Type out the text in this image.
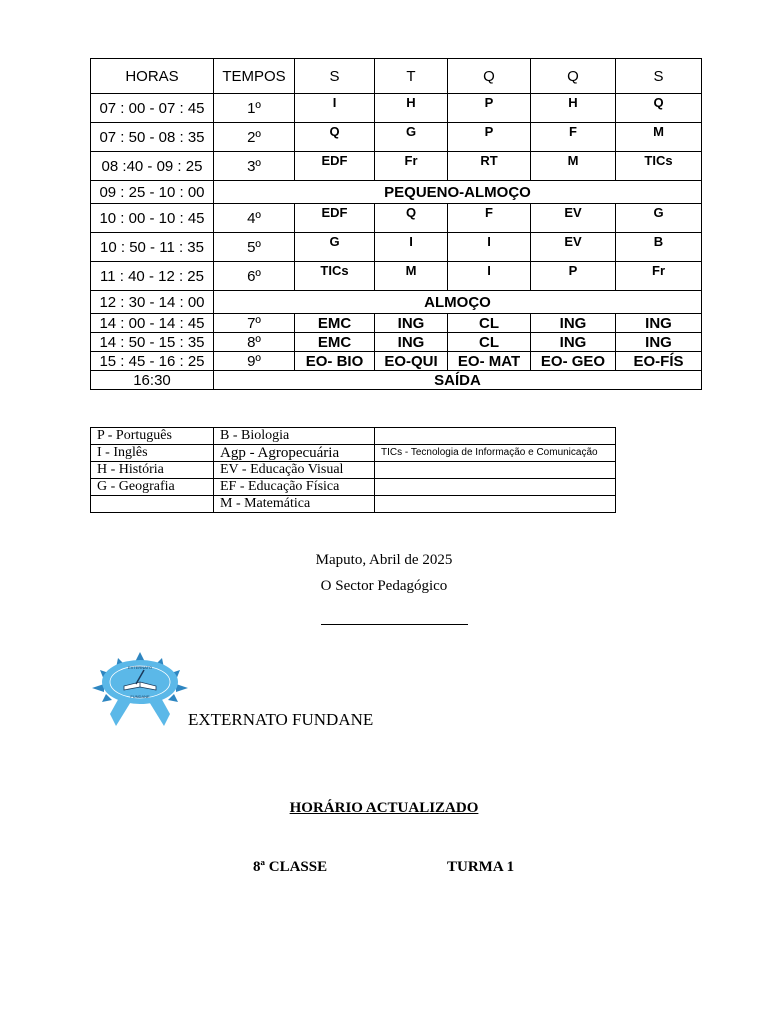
HORAS	TEMPOS	S	T	Q	Q	S
07 : 00 - 07 : 45	1º	I	H	P	H	Q
07 : 50 - 08 : 35	2º	Q	G	P	F	M
08 :40 - 09 : 25	3º	EDF	Fr	RT	M	TICs
09 : 25 - 10 : 00	PEQUENO-ALMOÇO					
10 : 00 - 10 : 45	4º	EDF	Q	F	EV	G
10 : 50 - 11 : 35	5º	G	I	I	EV	B
11 : 40 - 12 : 25	6º	TICs	M	I	P	Fr
12 : 30 - 14 : 00	ALMOÇO					
14 : 00 - 14 : 45	7º	EMC	ING	CL	ING	ING
14 : 50 - 15 : 35	8º	EMC	ING	CL	ING	ING
15 : 45 - 16 : 25	9º	EO- BIO	EO-QUI	EO- MAT	EO- GEO	EO-FÍS
16:30	SAÍDA					
P - Português	B - Biologia	
I - Inglês	Agp - Agropecuária	TICs - Tecnologia de Informação e Comunicação
H - História	EV - Educação Visual	
G - Geografia	EF - Educação Física	
	M - Matemática	
Maputo, Abril de 2025
O Sector Pedagógico
EXTERNATO
FUNDANE
EXTERNATO FUNDANE
HORÁRIO ACTUALIZADO
8ª CLASSE	TURMA 1
